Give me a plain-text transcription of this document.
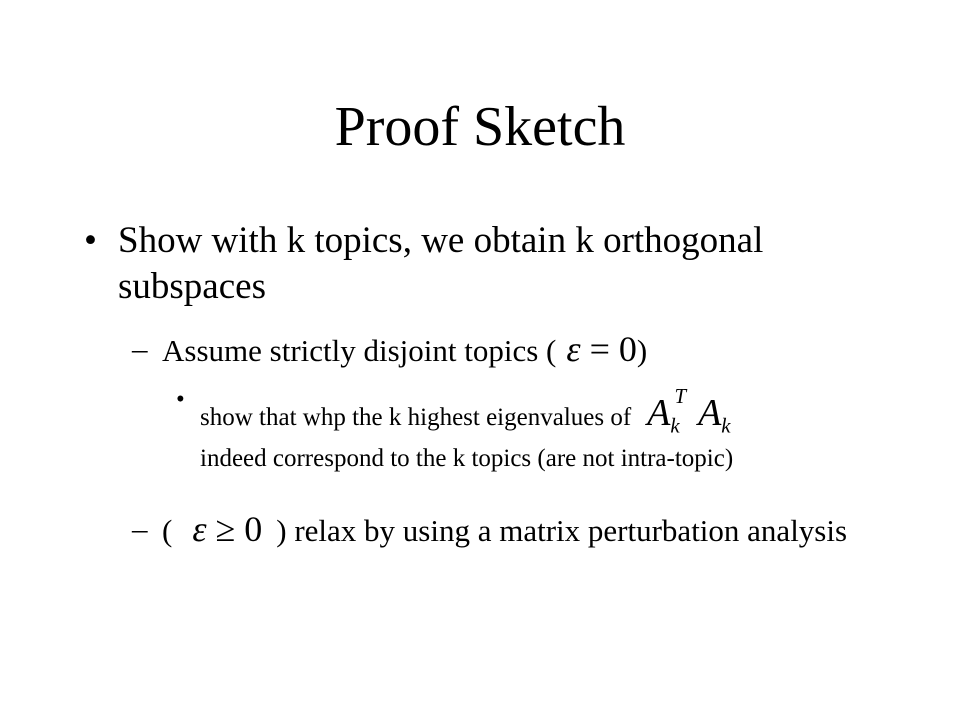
Proof Sketch
• Show with k topics, we obtain k orthogonal subspaces
– Assume strictly disjoint topics ( ε = 0)
•
show that whp the k highest eigenvalues of $A_k^T$ $A_k$
indeed correspond to the k topics (are not intra-topic)
– ( ε ≥ 0 ) relax by using a matrix perturbation analysis
